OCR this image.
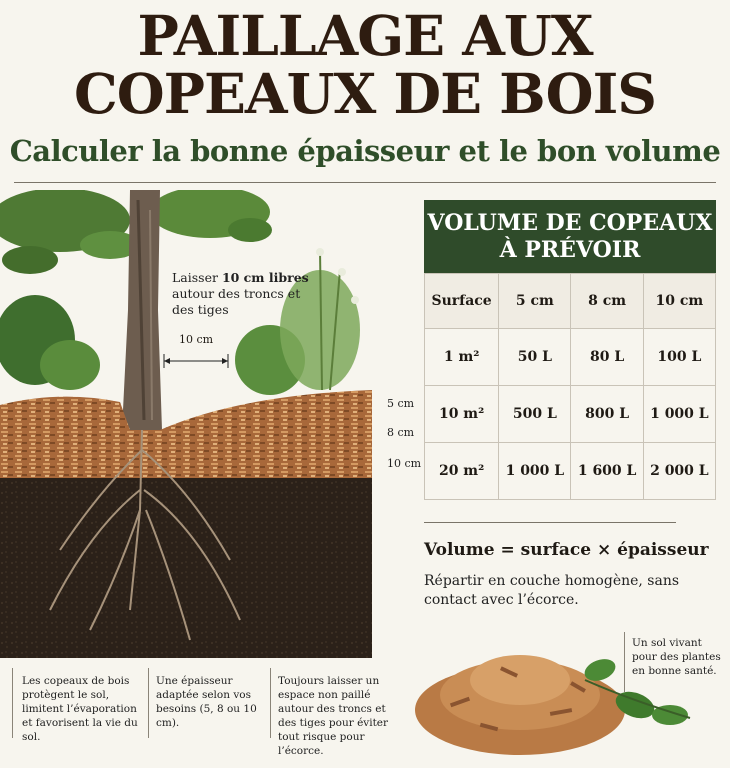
PAILLAGE AUX
COPEAUX DE BOIS
Calculer la bonne épaisseur et le bon volume
Laisser 10 cm libres autour des troncs et des tiges
10 cm
5 cm
8 cm
10 cm
VOLUME DE COPEAUX À PRÉVOIR
Surface	5 cm	8 cm	10 cm
1 m²	50 L	80 L	100 L
10 m²	500 L	800 L	1 000 L
20 m²	1 000 L	1 600 L	2 000 L
Volume = surface × épaisseur
Répartir en couche homogène, sans contact avec l’écorce.
Les copeaux de bois protègent le sol, limitent l’évaporation et favorisent la vie du sol.
Une épaisseur adaptée selon vos besoins (5, 8 ou 10 cm).
Toujours laisser un espace non paillé autour des troncs et des tiges pour éviter tout risque pour l’écorce.
Un sol vivant pour des plantes en bonne santé.
